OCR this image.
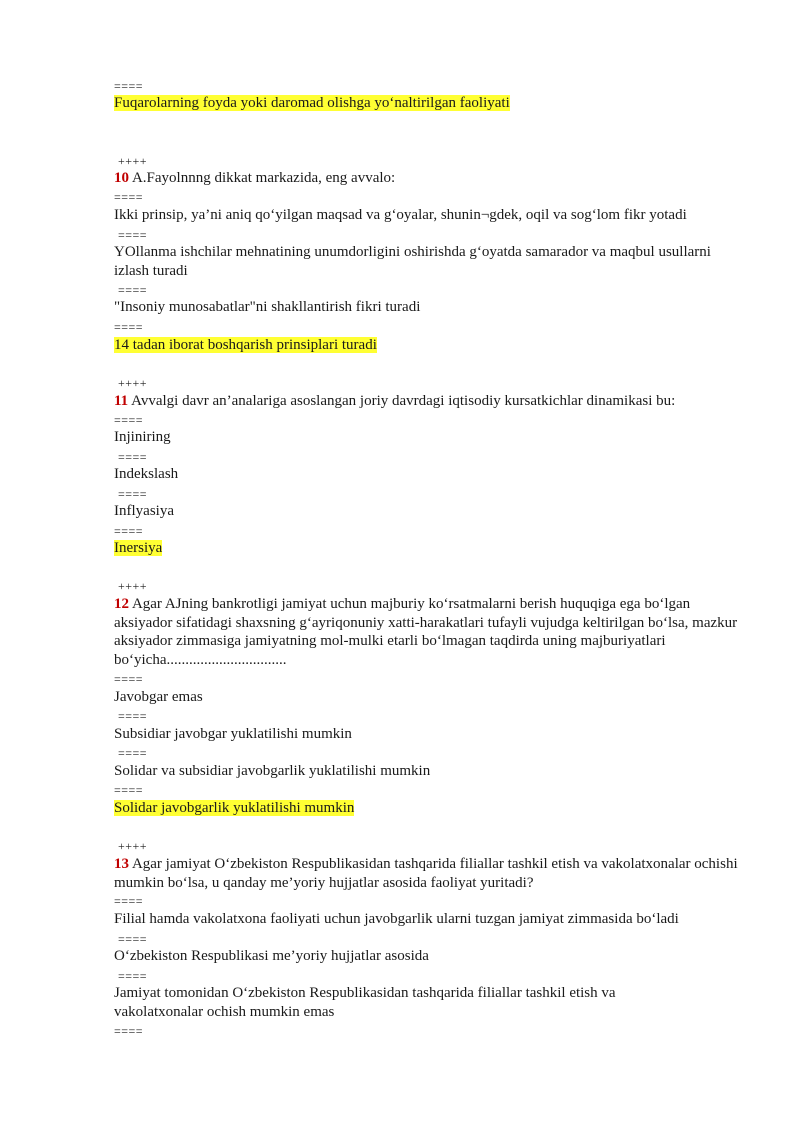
====
Fuqarolarning foyda yoki daromad olishga yo‘naltirilgan faoliyati
++++
10 A.Fayolnnng dikkat markazida, eng avvalo:
====
Ikki prinsip, ya’ni aniq qo‘yilgan maqsad va g‘oyalar, shunin¬gdek, oqil va sog‘lom fikr yotadi
====
YOllanma ishchilar mehnatining unumdorligini oshirishda g‘oyatda samarador va maqbul usullarni izlash turadi
====
"Insoniy munosabatlar"ni shakllantirish fikri turadi
====
14 tadan iborat boshqarish prinsiplari turadi
++++
11 Avvalgi davr an’analariga asoslangan joriy davrdagi iqtisodiy kursatkichlar dinamikasi bu:
====
Injiniring
====
Indekslash
====
Inflyasiya
====
Inersiya
++++
12 Agar AJning bankrotligi jamiyat uchun majburiy ko‘rsatmalarni berish huquqiga ega bo‘lgan aksiyador sifatidagi shaxsning g‘ayriqonuniy xatti-harakatlari tufayli vujudga keltirilgan bo‘lsa, mazkur aksiyador zimmasiga jamiyatning mol-mulki etarli bo‘lmagan taqdirda uning majburiyatlari bo‘yicha................................
====
Javobgar emas
====
Subsidiar javobgar yuklatilishi mumkin
====
Solidar va subsidiar javobgarlik yuklatilishi mumkin
====
Solidar javobgarlik yuklatilishi mumkin
++++
13 Agar jamiyat O‘zbekiston Respublikasidan tashqarida filiallar tashkil etish va vakolatxonalar ochishi mumkin bo‘lsa, u qanday me’yoriy hujjatlar asosida faoliyat yuritadi?
====
Filial hamda vakolatxona faoliyati uchun javobgarlik ularni tuzgan jamiyat zimmasida bo‘ladi
====
O‘zbekiston Respublikasi me’yoriy hujjatlar asosida
====
Jamiyat tomonidan O‘zbekiston Respublikasidan tashqarida filiallar tashkil etish va vakolatxonalar ochish mumkin emas
====
